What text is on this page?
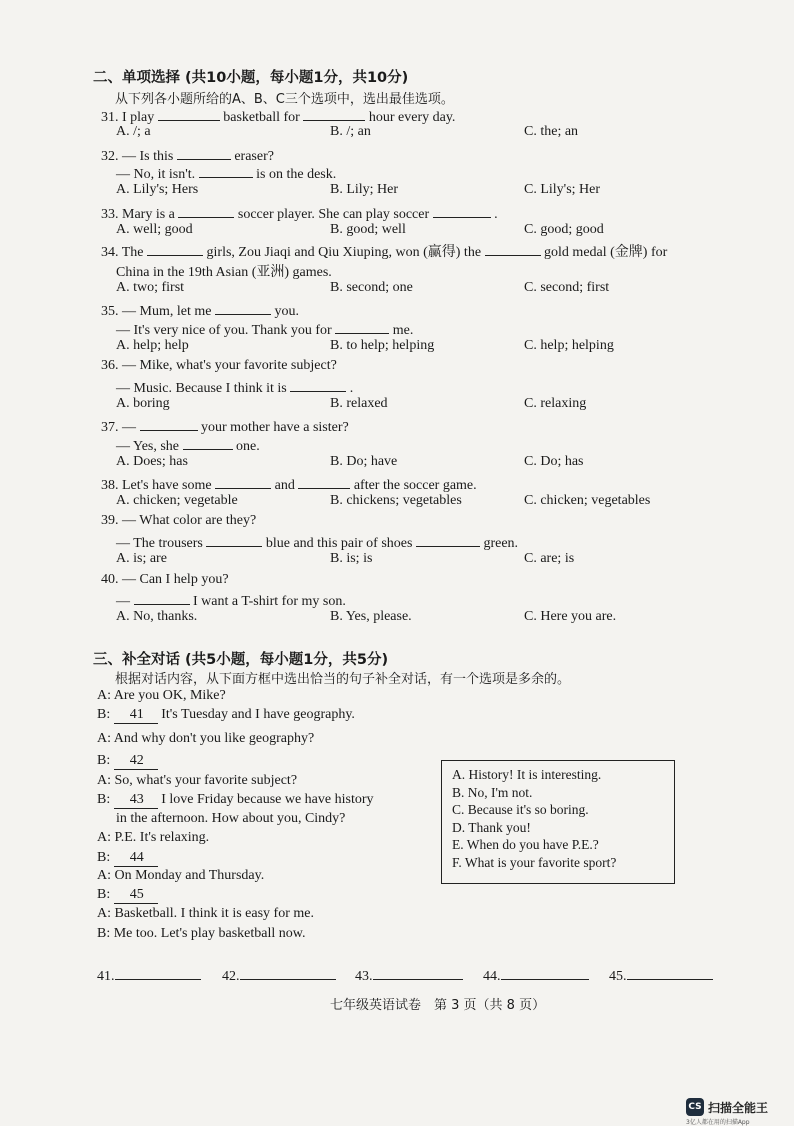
二、单项选择 (共10小题，每小题1分，共10分)
从下列各小题所给的A、B、C三个选项中，选出最佳选项。
31. I play	basketball for	hour every day.
A. /; a	B. /; an	C. the; an
32. — Is this	eraser?
— No, it isn't.	is on the desk.
A. Lily's; Hers	B. Lily; Her	C. Lily's; Her
33. Mary is a	soccer player. She can play soccer	.
A. well; good	B. good; well	C. good; good
34. The	girls, Zou Jiaqi and Qiu Xiuping, won (赢得) the	gold medal (金牌) for
China in the 19th Asian (亚洲) games.
A. two; first	B. second; one	C. second; first
35. — Mum, let me	you.
— It's very nice of you. Thank you for	me.
A. help; help	B. to help; helping	C. help; helping
36. — Mike, what's your favorite subject?
— Music. Because I think it is	.
A. boring	B. relaxed	C. relaxing
37. —	your mother have a sister?
— Yes, she	one.
A. Does; has	B. Do; have	C. Do; has
38. Let's have some	and	after the soccer game.
A. chicken; vegetable	B. chickens; vegetables	C. chicken; vegetables
39. — What color are they?
— The trousers	blue and this pair of shoes	green.
A. is; are	B. is; is	C. are; is
40. — Can I help you?
—	I want a T-shirt for my son.
A. No, thanks.	B. Yes, please.	C. Here you are.
三、补全对话 (共5小题，每小题1分，共5分)
根据对话内容，从下面方框中选出恰当的句子补全对话，有一个选项是多余的。
A: Are you OK, Mike?
B: 41 It's Tuesday and I have geography.
A: And why don't you like geography?
B: 42
A: So, what's your favorite subject?
B: 43 I love Friday because we have history
in the afternoon. How about you, Cindy?
A: P.E. It's relaxing.
B: 44
A: On Monday and Thursday.
B: 45
A: Basketball. I think it is easy for me.
B: Me too. Let's play basketball now.
A. History! It is interesting.
B. No, I'm not.
C. Because it's so boring.
D. Thank you!
E. When do you have P.E.?
F. What is your favorite sport?
41.	42.	43.	44.	45.
七年级英语试卷　第 3 页（共 8 页）
CS 扫描全能王
3亿人都在用的扫描App
